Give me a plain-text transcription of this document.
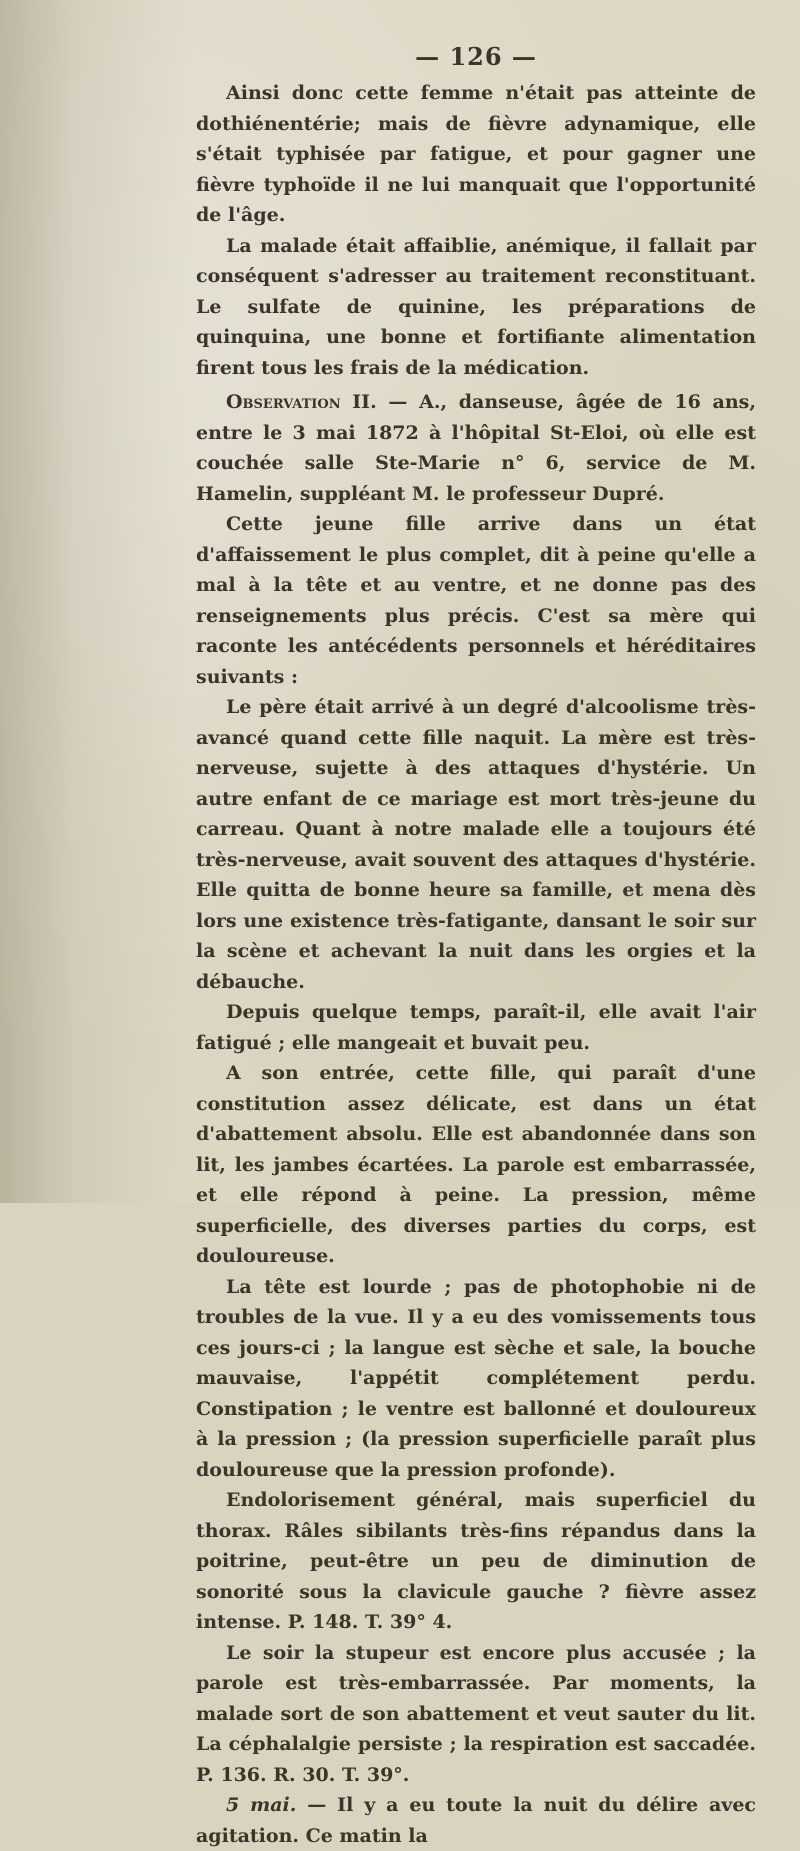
— 126 —

Ainsi donc cette femme n'était pas atteinte de dothiénentérie; mais de fièvre adynamique, elle s'était typhisée par fatigue, et pour gagner une fièvre typhoïde il ne lui manquait que l'opportunité de l'âge.

La malade était affaiblie, anémique, il fallait par conséquent s'adresser au traitement reconstituant. Le sulfate de quinine, les préparations de quinquina, une bonne et fortifiante alimentation firent tous les frais de la médication.

Observation II. — A., danseuse, âgée de 16 ans, entre le 3 mai 1872 à l'hôpital St-Eloi, où elle est couchée salle Ste-Marie n° 6, service de M. Hamelin, suppléant M. le professeur Dupré.

Cette jeune fille arrive dans un état d'affaissement le plus complet, dit à peine qu'elle a mal à la tête et au ventre, et ne donne pas des renseignements plus précis. C'est sa mère qui raconte les antécédents personnels et héréditaires suivants :

Le père était arrivé à un degré d'alcoolisme très-avancé quand cette fille naquit. La mère est très-nerveuse, sujette à des attaques d'hystérie. Un autre enfant de ce mariage est mort très-jeune du carreau. Quant à notre malade elle a toujours été très-nerveuse, avait souvent des attaques d'hystérie. Elle quitta de bonne heure sa famille, et mena dès lors une existence très-fatigante, dansant le soir sur la scène et achevant la nuit dans les orgies et la débauche.

Depuis quelque temps, paraît-il, elle avait l'air fatigué ; elle mangeait et buvait peu.

A son entrée, cette fille, qui paraît d'une constitution assez délicate, est dans un état d'abattement absolu. Elle est abandonnée dans son lit, les jambes écartées. La parole est embarrassée, et elle répond à peine. La pression, même superficielle, des diverses parties du corps, est douloureuse.

La tête est lourde ; pas de photophobie ni de troubles de la vue. Il y a eu des vomissements tous ces jours-ci ; la langue est sèche et sale, la bouche mauvaise, l'appétit complétement perdu. Constipation ; le ventre est ballonné et douloureux à la pression ; (la pression superficielle paraît plus douloureuse que la pression profonde).

Endolorisement général, mais superficiel du thorax. Râles sibilants très-fins répandus dans la poitrine, peut-être un peu de diminution de sonorité sous la clavicule gauche ? fièvre assez intense. P. 148. T. 39° 4.

Le soir la stupeur est encore plus accusée ; la parole est très-embarrassée. Par moments, la malade sort de son abattement et veut sauter du lit. La céphalalgie persiste ; la respiration est saccadée. P. 136. R. 30. T. 39°.

5 mai. — Il y a eu toute la nuit du délire avec agitation. Ce matin la
